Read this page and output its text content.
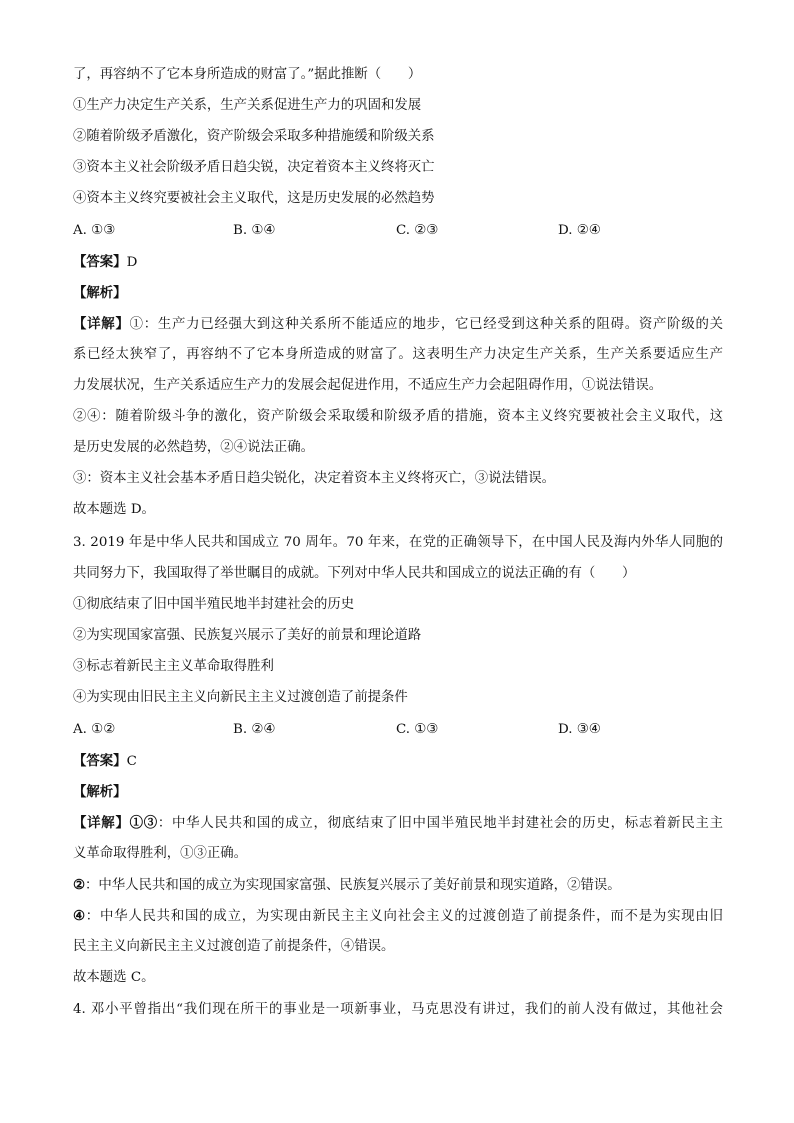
了，再容纳不了它本身所造成的财富了。”据此推断（　　）
①生产力决定生产关系，生产关系促进生产力的巩固和发展
②随着阶级矛盾激化，资产阶级会采取多种措施缓和阶级关系
③资本主义社会阶级矛盾日趋尖锐，决定着资本主义终将灭亡
④资本主义终究要被社会主义取代，这是历史发展的必然趋势
A. ①③	B. ①④	C. ②③	D. ②④
【答案】D
【解析】
【详解】①：生产力已经强大到这种关系所不能适应的地步，它已经受到这种关系的阻碍。资产阶级的关
系已经太狭窄了，再容纳不了它本身所造成的财富了。这表明生产力决定生产关系，生产关系要适应生产
力发展状况，生产关系适应生产力的发展会起促进作用，不适应生产力会起阻碍作用，①说法错误。
②④：随着阶级斗争的激化，资产阶级会采取缓和阶级矛盾的措施，资本主义终究要被社会主义取代，这
是历史发展的必然趋势，②④说法正确。
③：资本主义社会基本矛盾日趋尖锐化，决定着资本主义终将灭亡，③说法错误。
故本题选 D。
3. 2019 年是中华人民共和国成立 70 周年。70 年来，在党的正确领导下，在中国人民及海内外华人同胞的
共同努力下，我国取得了举世瞩目的成就。下列对中华人民共和国成立的说法正确的有（　　）
①彻底结束了旧中国半殖民地半封建社会的历史
②为实现国家富强、民族复兴展示了美好的前景和理论道路
③标志着新民主主义革命取得胜利
④为实现由旧民主主义向新民主主义过渡创造了前提条件
A. ①②	B. ②④	C. ①③	D. ③④
【答案】C
【解析】
【详解】①③：中华人民共和国的成立，彻底结束了旧中国半殖民地半封建社会的历史，标志着新民主主
义革命取得胜利，①③正确。
②：中华人民共和国的成立为实现国家富强、民族复兴展示了美好前景和现实道路，②错误。
④：中华人民共和国的成立，为实现由新民主主义向社会主义的过渡创造了前提条件，而不是为实现由旧
民主主义向新民主主义过渡创造了前提条件，④错误。
故本题选 C。
4. 邓小平曾指出“我们现在所干的事业是一项新事业，马克思没有讲过，我们的前人没有做过，其他社会
